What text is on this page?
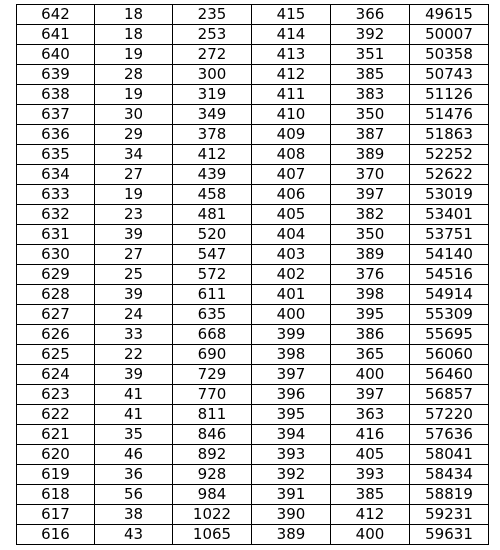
642	18	235	415	366	49615
641	18	253	414	392	50007
640	19	272	413	351	50358
639	28	300	412	385	50743
638	19	319	411	383	51126
637	30	349	410	350	51476
636	29	378	409	387	51863
635	34	412	408	389	52252
634	27	439	407	370	52622
633	19	458	406	397	53019
632	23	481	405	382	53401
631	39	520	404	350	53751
630	27	547	403	389	54140
629	25	572	402	376	54516
628	39	611	401	398	54914
627	24	635	400	395	55309
626	33	668	399	386	55695
625	22	690	398	365	56060
624	39	729	397	400	56460
623	41	770	396	397	56857
622	41	811	395	363	57220
621	35	846	394	416	57636
620	46	892	393	405	58041
619	36	928	392	393	58434
618	56	984	391	385	58819
617	38	1022	390	412	59231
616	43	1065	389	400	59631
